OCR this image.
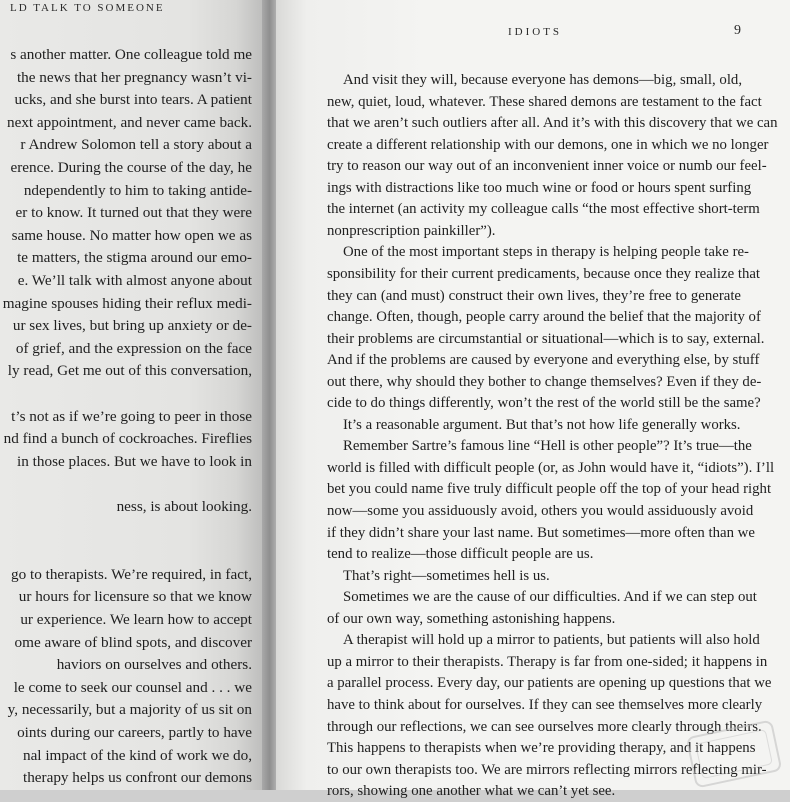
LD TALK TO SOMEONE
s another matter. One colleague told me
the news that her pregnancy wasn’t vi-
ucks, and she burst into tears. A patient
next appointment, and never came back.
r Andrew Solomon tell a story about a
erence. During the course of the day, he
ndependently to him to taking antide-
er to know. It turned out that they were
same house. No matter how open we as
te matters, the stigma around our emo-
e. We’ll talk with almost anyone about
magine spouses hiding their reflux medi-
ur sex lives, but bring up anxiety or de-
of grief, and the expression on the face
ly read, Get me out of this conversation,
t’s not as if we’re going to peer in those
nd find a bunch of cockroaches. Fireflies
in those places. But we have to look in
ness, is about looking.
go to therapists. We’re required, in fact,
ur hours for licensure so that we know
ur experience. We learn how to accept
ome aware of blind spots, and discover
haviors on ourselves and others.
le come to seek our counsel and . . . we
y, necessarily, but a majority of us sit on
oints during our careers, partly to have
nal impact of the kind of work we do,
therapy helps us confront our demons
IDIOTS	9
And visit they will, because everyone has demons—big, small, old,
new, quiet, loud, whatever. These shared demons are testament to the fact
that we aren’t such outliers after all. And it’s with this discovery that we can
create a different relationship with our demons, one in which we no longer
try to reason our way out of an inconvenient inner voice or numb our feel-
ings with distractions like too much wine or food or hours spent surfing
the internet (an activity my colleague calls “the most effective short-term
nonprescription painkiller”).
One of the most important steps in therapy is helping people take re-
sponsibility for their current predicaments, because once they realize that
they can (and must) construct their own lives, they’re free to generate
change. Often, though, people carry around the belief that the majority of
their problems are circumstantial or situational—which is to say, external.
And if the problems are caused by everyone and everything else, by stuff
out there, why should they bother to change themselves? Even if they de-
cide to do things differently, won’t the rest of the world still be the same?
It’s a reasonable argument. But that’s not how life generally works.
Remember Sartre’s famous line “Hell is other people”? It’s true—the
world is filled with difficult people (or, as John would have it, “idiots”). I’ll
bet you could name five truly difficult people off the top of your head right
now—some you assiduously avoid, others you would assiduously avoid
if they didn’t share your last name. But sometimes—more often than we
tend to realize—those difficult people are us.
That’s right—sometimes hell is us.
Sometimes we are the cause of our difficulties. And if we can step out
of our own way, something astonishing happens.
A therapist will hold up a mirror to patients, but patients will also hold
up a mirror to their therapists. Therapy is far from one-sided; it happens in
a parallel process. Every day, our patients are opening up questions that we
have to think about for ourselves. If they can see themselves more clearly
through our reflections, we can see ourselves more clearly through theirs.
This happens to therapists when we’re providing therapy, and it happens
to our own therapists too. We are mirrors reflecting mirrors reflecting mir-
rors, showing one another what we can’t yet see.
